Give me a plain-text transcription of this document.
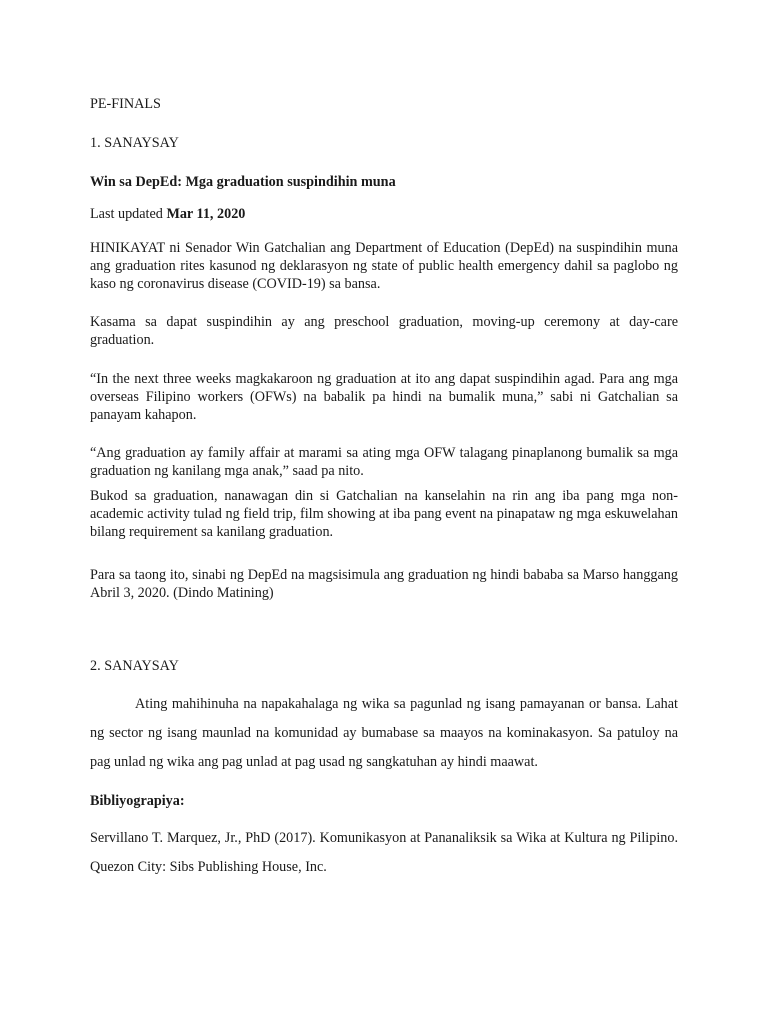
PE-FINALS

1. SANAYSAY

Win sa DepEd: Mga graduation suspindihin muna

Last updated Mar 11, 2020

HINIKAYAT ni Senador Win Gatchalian ang Department of Education (DepEd) na suspindihin muna ang graduation rites kasunod ng deklarasyon ng state of public health emergency dahil sa paglobo ng kaso ng coronavirus disease (COVID-19) sa bansa.

Kasama sa dapat suspindihin ay ang preschool graduation, moving-up ceremony at day-care graduation.

“In the next three weeks magkakaroon ng graduation at ito ang dapat suspindihin agad. Para ang mga overseas Filipino workers (OFWs) na babalik pa hindi na bumalik muna,” sabi ni Gatchalian sa panayam kahapon.

“Ang graduation ay family affair at marami sa ating mga OFW talagang pinaplanong bumalik sa mga graduation ng kanilang mga anak,” saad pa nito.

Bukod sa graduation, nanawagan din si Gatchalian na kanselahin na rin ang iba pang mga non-academic activity tulad ng field trip, film showing at iba pang event na pinapataw ng mga eskuwelahan bilang requirement sa kanilang graduation.

Para sa taong ito, sinabi ng DepEd na magsisimula ang graduation ng hindi bababa sa Marso hanggang Abril 3, 2020. (Dindo Matining)

2. SANAYSAY

Ating mahihinuha na napakahalaga ng wika sa pagunlad ng isang pamayanan or bansa. Lahat ng sector ng isang maunlad na komunidad ay bumabase sa maayos na kominakasyon. Sa patuloy na pag unlad ng wika ang pag unlad at pag usad ng sangkatuhan ay hindi maawat.

Bibliyograpiya:

Servillano T. Marquez, Jr., PhD (2017). Komunikasyon at Pananaliksik sa Wika at Kultura ng Pilipino. Quezon City: Sibs Publishing House, Inc.
